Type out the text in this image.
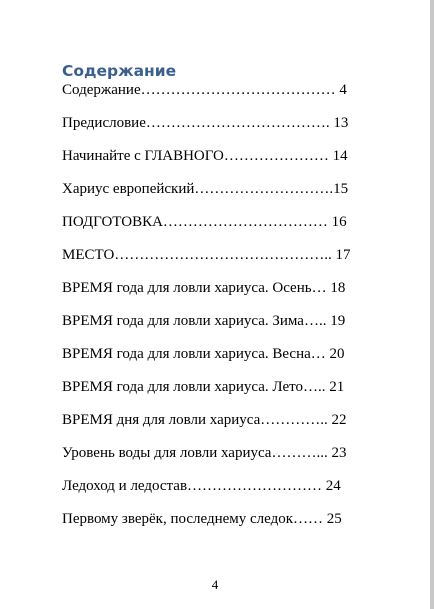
Содержание
Содержание………………………………… 4
Предисловие………………………………. 13
Начинайте с ГЛАВНОГО………………… 14
Хариус европейский……………………….15
ПОДГОТОВКА…………………………… 16
МЕСТО…………………………………….. 17
ВРЕМЯ года для ловли хариуса. Осень… 18
ВРЕМЯ года для ловли хариуса. Зима….. 19
ВРЕМЯ года для ловли хариуса. Весна… 20
ВРЕМЯ года для ловли хариуса. Лето….. 21
ВРЕМЯ дня для ловли хариуса………….. 22
Уровень воды для ловли хариуса………... 23
Ледоход и ледостав……………………… 24
Первому зверёк, последнему следок…… 25
4
